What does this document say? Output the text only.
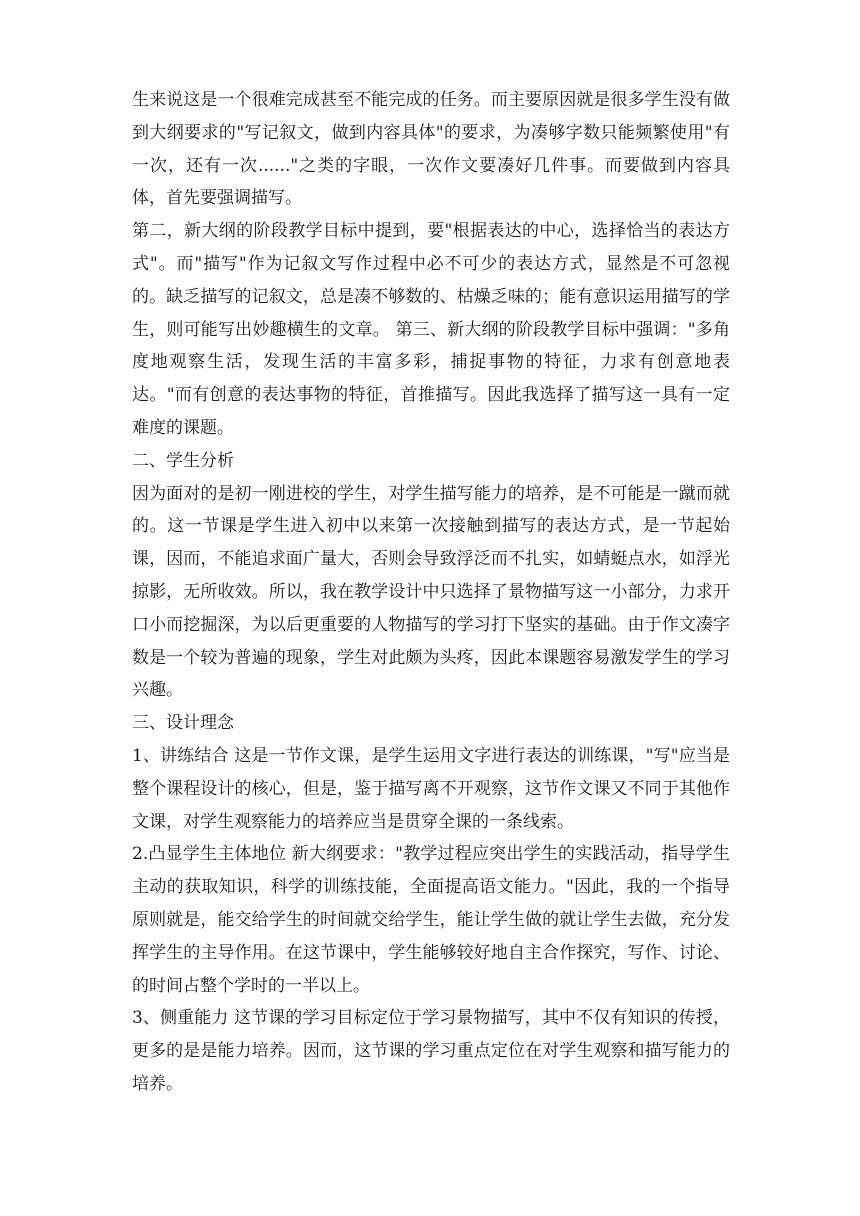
生来说这是一个很难完成甚至不能完成的任务。而主要原因就是很多学生没有做到大纲要求的"写记叙文，做到内容具体"的要求，为凑够字数只能频繁使用"有一次，还有一次......"之类的字眼，一次作文要凑好几件事。而要做到内容具体，首先要强调描写。

第二，新大纲的阶段教学目标中提到，要"根据表达的中心，选择恰当的表达方式"。而"描写"作为记叙文写作过程中必不可少的表达方式，显然是不可忽视的。缺乏描写的记叙文，总是凑不够数的、枯燥乏味的；能有意识运用描写的学生，则可能写出妙趣横生的文章。 第三、新大纲的阶段教学目标中强调："多角度地观察生活，发现生活的丰富多彩，捕捉事物的特征，力求有创意地表达。"而有创意的表达事物的特征，首推描写。因此我选择了描写这一具有一定难度的课题。

二、学生分析

因为面对的是初一刚进校的学生，对学生描写能力的培养，是不可能是一蹴而就的。这一节课是学生进入初中以来第一次接触到描写的表达方式，是一节起始课，因而，不能追求面广量大，否则会导致浮泛而不扎实，如蜻蜓点水，如浮光掠影，无所收效。所以，我在教学设计中只选择了景物描写这一小部分，力求开口小而挖掘深，为以后更重要的人物描写的学习打下坚实的基础。由于作文凑字数是一个较为普遍的现象，学生对此颇为头疼，因此本课题容易激发学生的学习兴趣。

三、设计理念

1、讲练结合 这是一节作文课，是学生运用文字进行表达的训练课，"写"应当是整个课程设计的核心，但是，鉴于描写离不开观察，这节作文课又不同于其他作文课，对学生观察能力的培养应当是贯穿全课的一条线索。

2.凸显学生主体地位 新大纲要求："教学过程应突出学生的实践活动，指导学生主动的获取知识，科学的训练技能，全面提高语文能力。"因此，我的一个指导原则就是，能交给学生的时间就交给学生，能让学生做的就让学生去做，充分发挥学生的主导作用。在这节课中，学生能够较好地自主合作探究，写作、讨论、的时间占整个学时的一半以上。

3、侧重能力 这节课的学习目标定位于学习景物描写，其中不仅有知识的传授，更多的是是能力培养。因而，这节课的学习重点定位在对学生观察和描写能力的培养。
